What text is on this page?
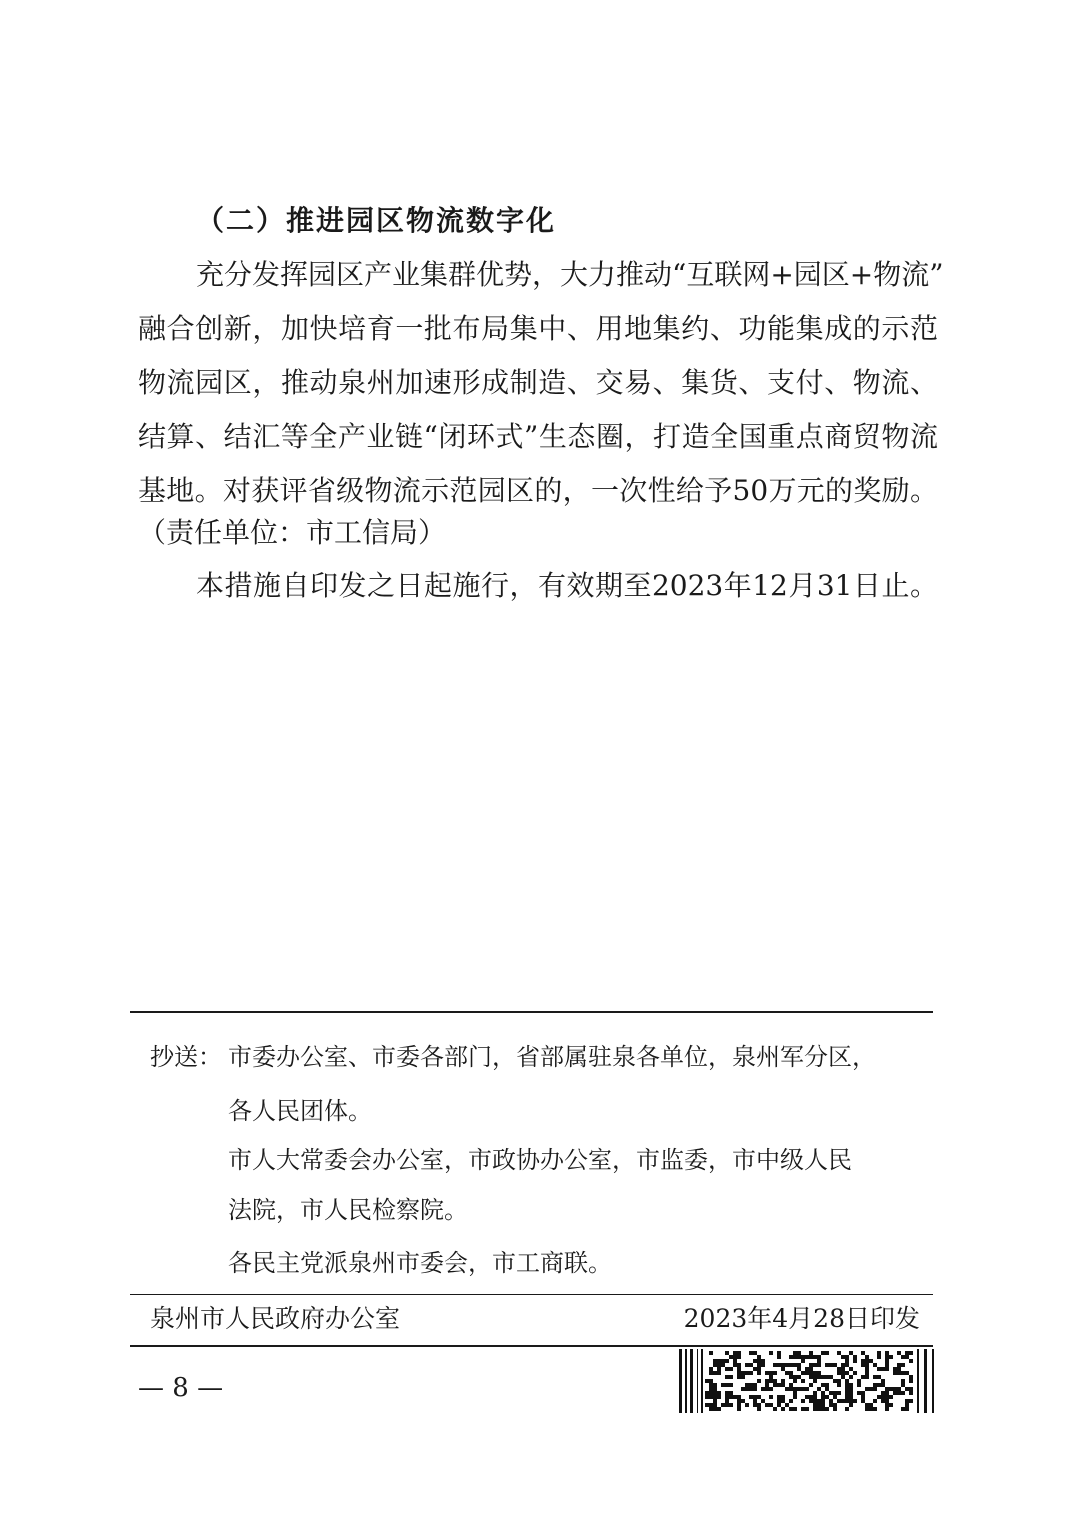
（二）推进园区物流数字化
充分发挥园区产业集群优势，大力推动“互联网+园区+物流”
融合创新，加快培育一批布局集中、用地集约、功能集成的示范
物流园区，推动泉州加速形成制造、交易、集货、支付、物流、
结算、结汇等全产业链“闭环式”生态圈，打造全国重点商贸物流
基地。对获评省级物流示范园区的，一次性给予50万元的奖励。
（责任单位：市工信局）
本措施自印发之日起施行，有效期至2023年12月31日止。
抄送： 市委办公室、市委各部门，省部属驻泉各单位，泉州军分区，
各人民团体。
市人大常委会办公室，市政协办公室，市监委，市中级人民
法院，市人民检察院。
各民主党派泉州市委会，市工商联。
泉州市人民政府办公室	2023年4月28日印发
— 8 —
